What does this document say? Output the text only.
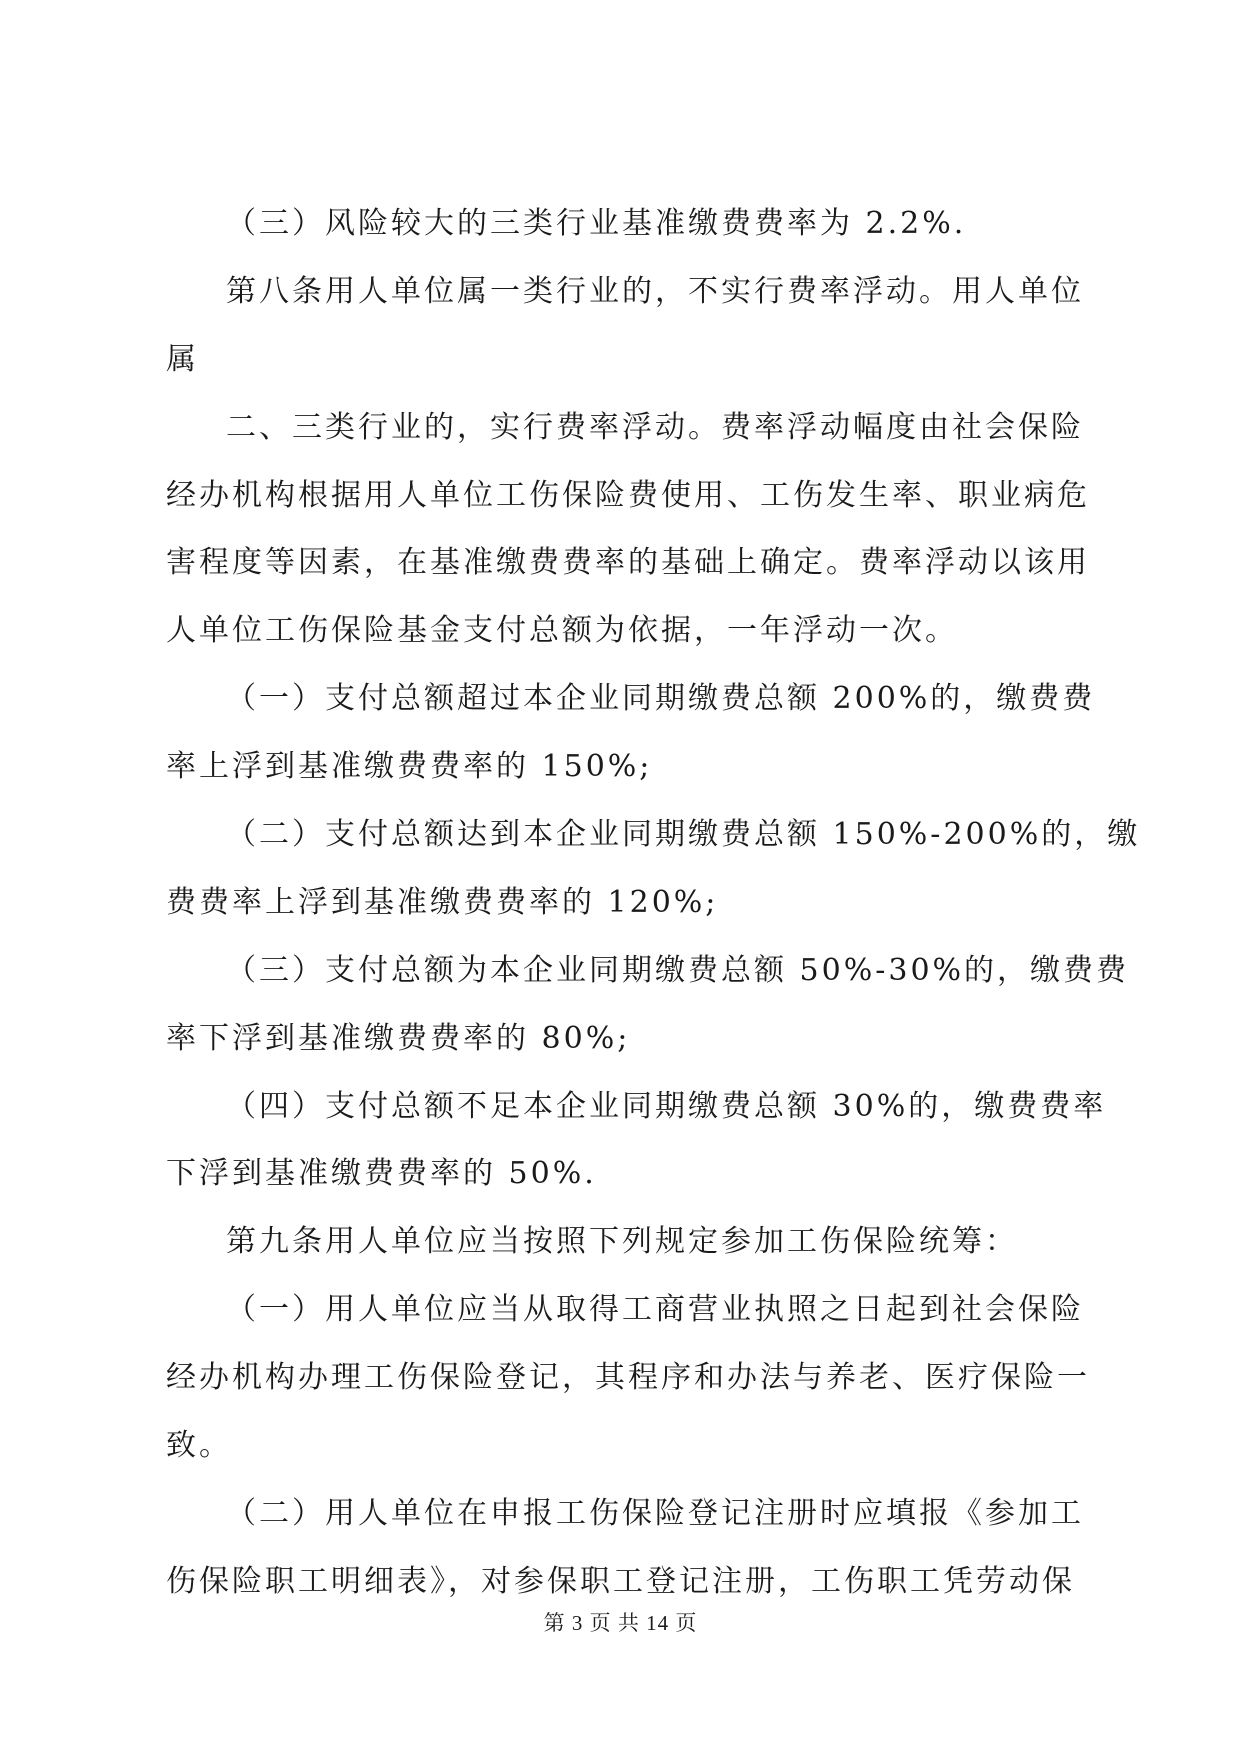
（三）风险较大的三类行业基准缴费费率为 2.2%.
第八条用人单位属一类行业的，不实行费率浮动。用人单位
属
二、三类行业的，实行费率浮动。费率浮动幅度由社会保险
经办机构根据用人单位工伤保险费使用、工伤发生率、职业病危
害程度等因素，在基准缴费费率的基础上确定。费率浮动以该用
人单位工伤保险基金支付总额为依据，一年浮动一次。
（一）支付总额超过本企业同期缴费总额 200%的，缴费费
率上浮到基准缴费费率的 150%;
（二）支付总额达到本企业同期缴费总额 150%-200%的，缴
费费率上浮到基准缴费费率的 120%;
（三）支付总额为本企业同期缴费总额 50%-30%的，缴费费
率下浮到基准缴费费率的 80%;
（四）支付总额不足本企业同期缴费总额 30%的，缴费费率
下浮到基准缴费费率的 50%.
第九条用人单位应当按照下列规定参加工伤保险统筹：
（一）用人单位应当从取得工商营业执照之日起到社会保险
经办机构办理工伤保险登记，其程序和办法与养老、医疗保险一
致。
（二）用人单位在申报工伤保险登记注册时应填报《参加工
伤保险职工明细表》，对参保职工登记注册，工伤职工凭劳动保
第 3 页 共 14 页
